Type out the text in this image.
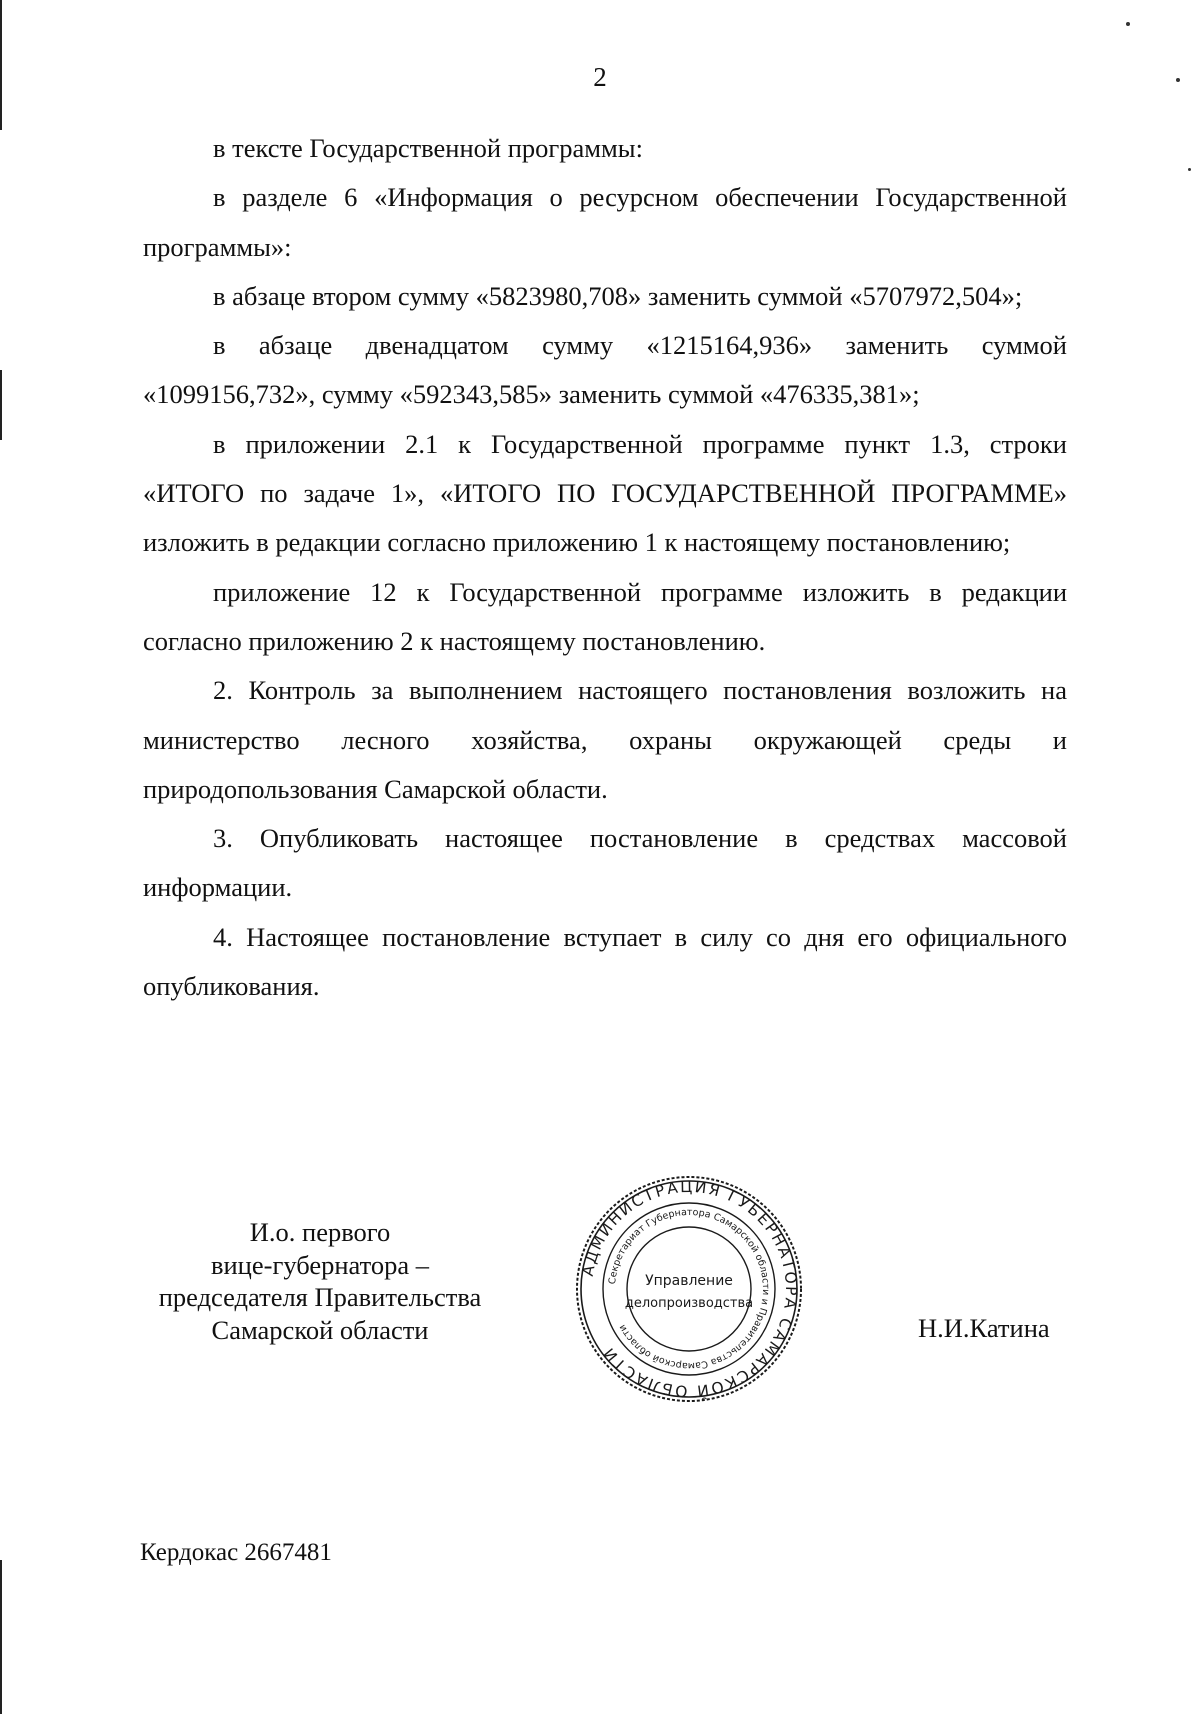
2

в тексте Государственной программы:

в разделе 6 «Информация о ресурсном обеспечении Государственной программы»:

в абзаце втором сумму «5823980,708» заменить суммой «5707972,504»;

в абзаце двенадцатом сумму «1215164,936» заменить суммой «1099156,732», сумму «592343,585» заменить суммой «476335,381»;

в приложении 2.1 к Государственной программе пункт 1.3, строки «ИТОГО по задаче 1», «ИТОГО ПО ГОСУДАРСТВЕННОЙ ПРОГРАММЕ» изложить в редакции согласно приложению 1 к настоящему постановлению;

приложение 12 к Государственной программе изложить в редакции согласно приложению 2 к настоящему постановлению.

2. Контроль за выполнением настоящего постановления возложить на министерство лесного хозяйства, охраны окружающей среды и природопользования Самарской области.

3. Опубликовать настоящее постановление в средствах массовой информации.

4. Настоящее постановление вступает в силу со дня его официального опубликования.

И.о. первого
вице-губернатора –
председателя Правительства
Самарской области
АДМИНИСТРАЦИЯ ГУБЕРНАТОРА САМАРСКОЙ ОБЛАСТИ
Секретариат Губернатора Самарской области и Правительства Самарской области
Управление
делопроизводства
Н.И.Катина
Кердокас 2667481
